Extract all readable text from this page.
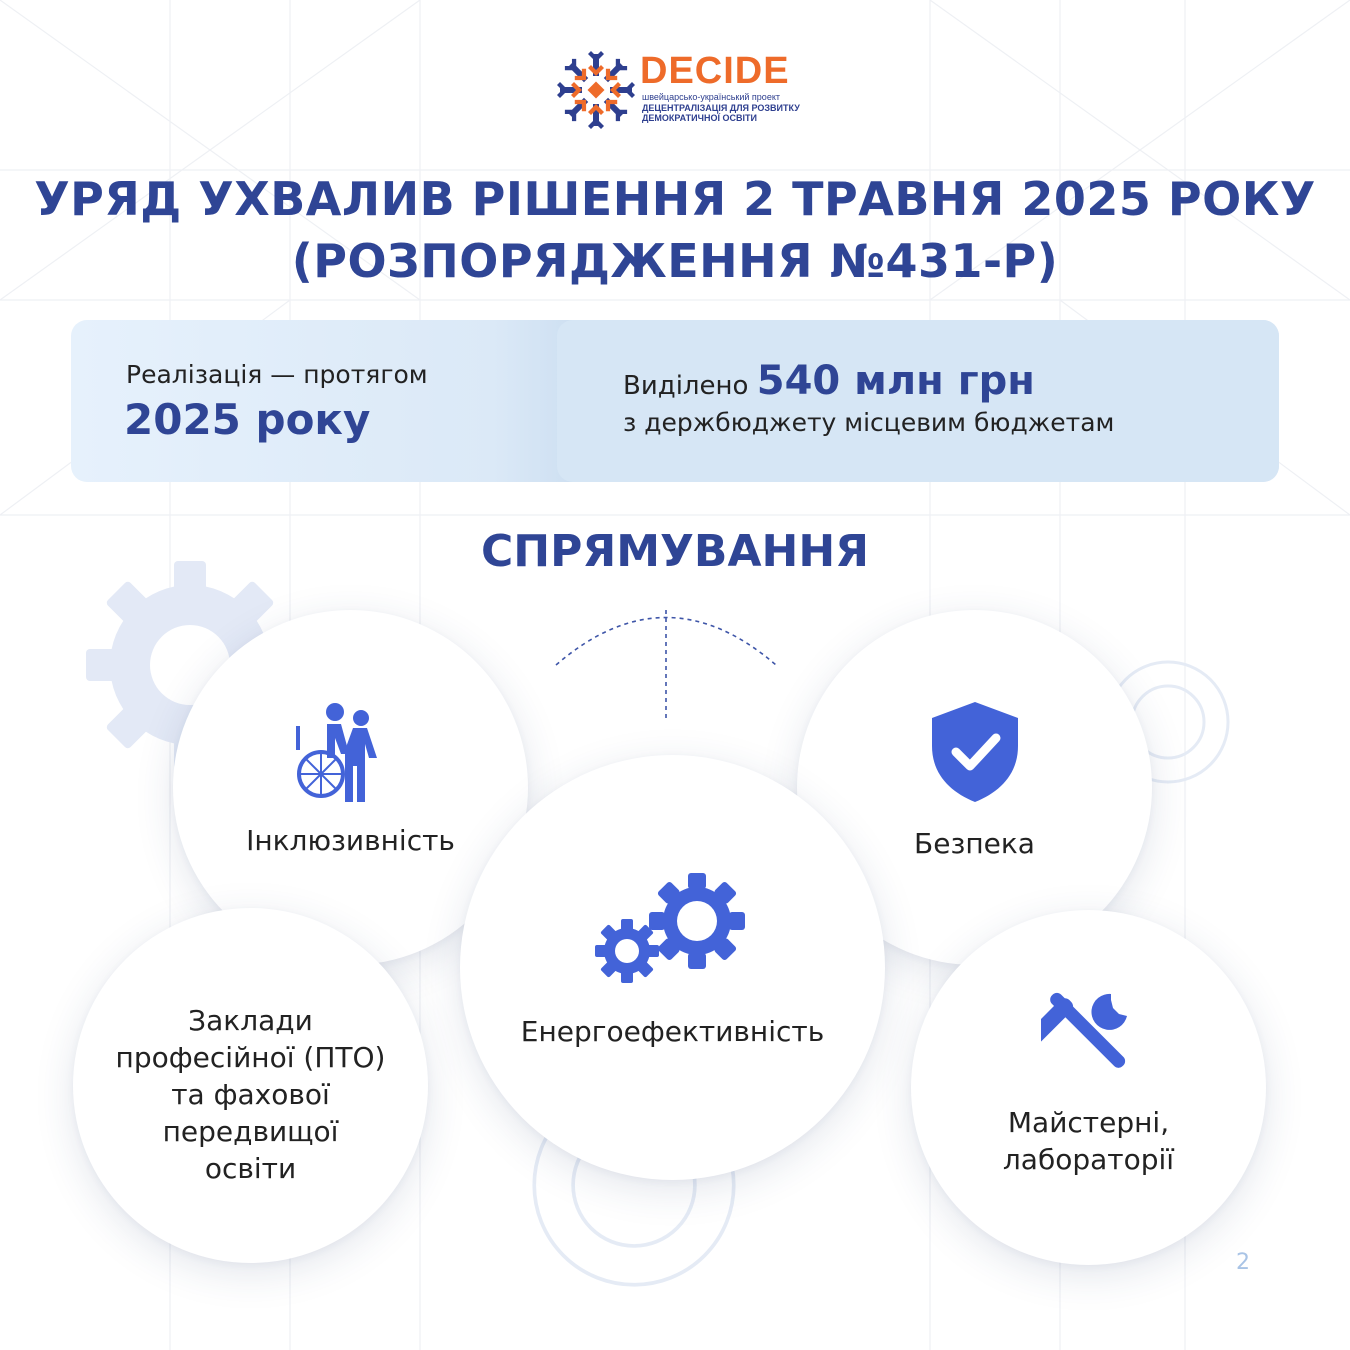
DECIDE
швейцарсько-український проект
ДЕЦЕНТРАЛІЗАЦІЯ ДЛЯ РОЗВИТКУ
ДЕМОКРАТИЧНОЇ ОСВІТИ
УРЯД УХВАЛИВ РІШЕННЯ 2 ТРАВНЯ 2025 РОКУ
(РОЗПОРЯДЖЕННЯ №431-Р)
Реалізація — протягом
2025 року
Виділено 540 млн грн
з держбюджету місцевим бюджетам
СПРЯМУВАННЯ
Інклюзивність	Безпека
Заклади
професійної (ПТО)
та фахової
передвищої
освіти
Майстерні,
лабораторії
Енергоефективність
2
